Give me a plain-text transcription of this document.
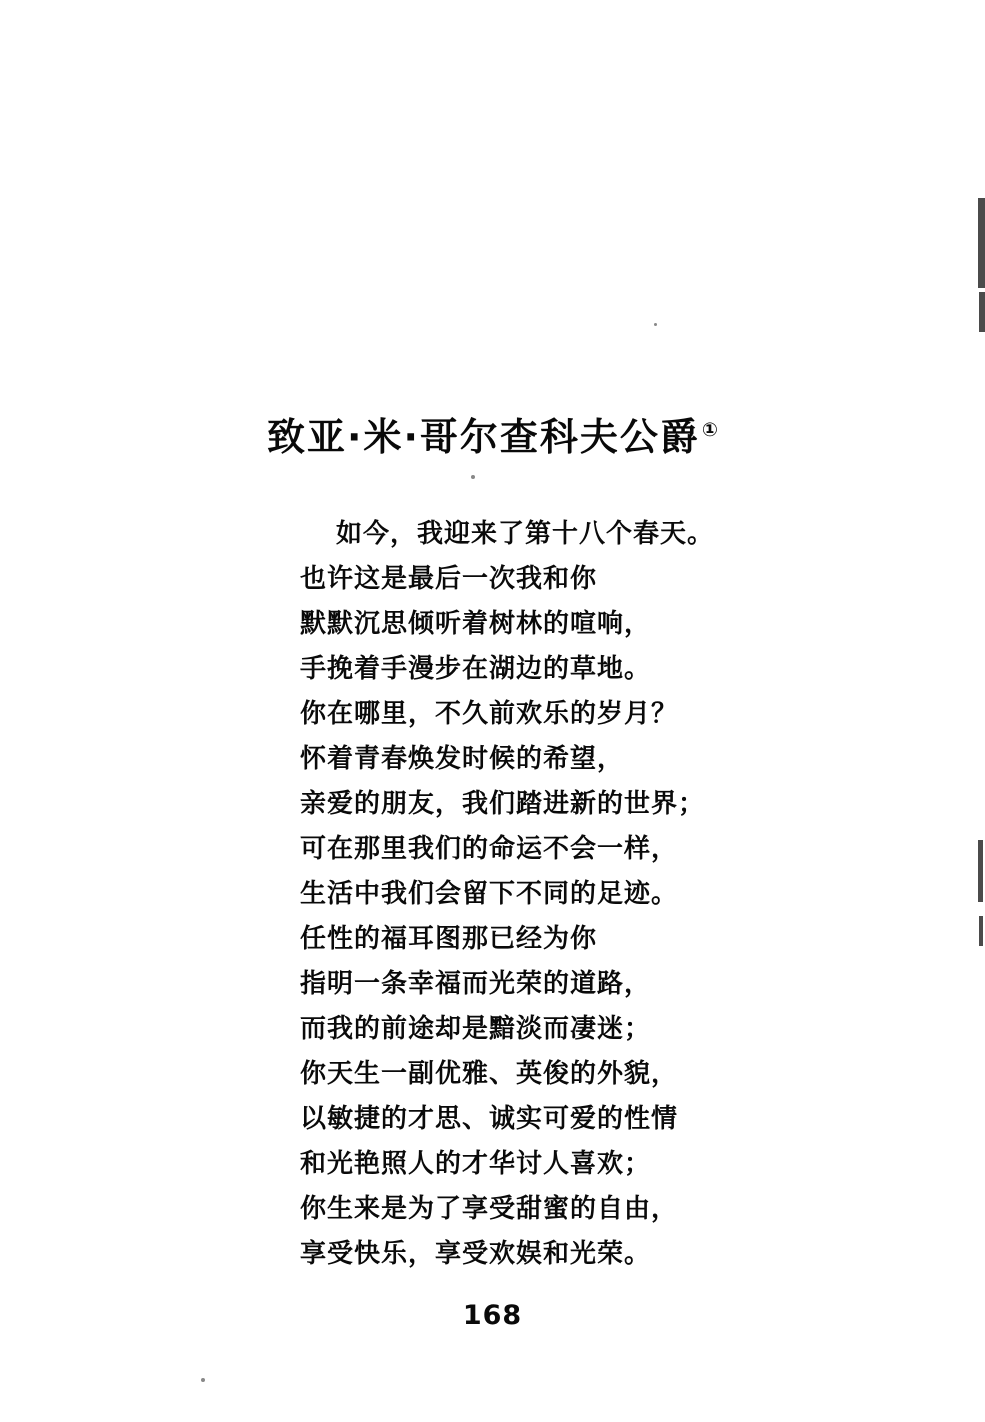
致亚·米·哥尔查科夫公爵 ①
如今，我迎来了第十八个春天。
也许这是最后一次我和你
默默沉思倾听着树林的喧响，
手挽着手漫步在湖边的草地。
你在哪里，不久前欢乐的岁月？
怀着青春焕发时候的希望，
亲爱的朋友，我们踏进新的世界；
可在那里我们的命运不会一样，
生活中我们会留下不同的足迹。
任性的福耳图那已经为你
指明一条幸福而光荣的道路，
而我的前途却是黯淡而凄迷；
你天生一副优雅、英俊的外貌，
以敏捷的才思、诚实可爱的性情
和光艳照人的才华讨人喜欢；
你生来是为了享受甜蜜的自由，
享受快乐，享受欢娱和光荣。
168
